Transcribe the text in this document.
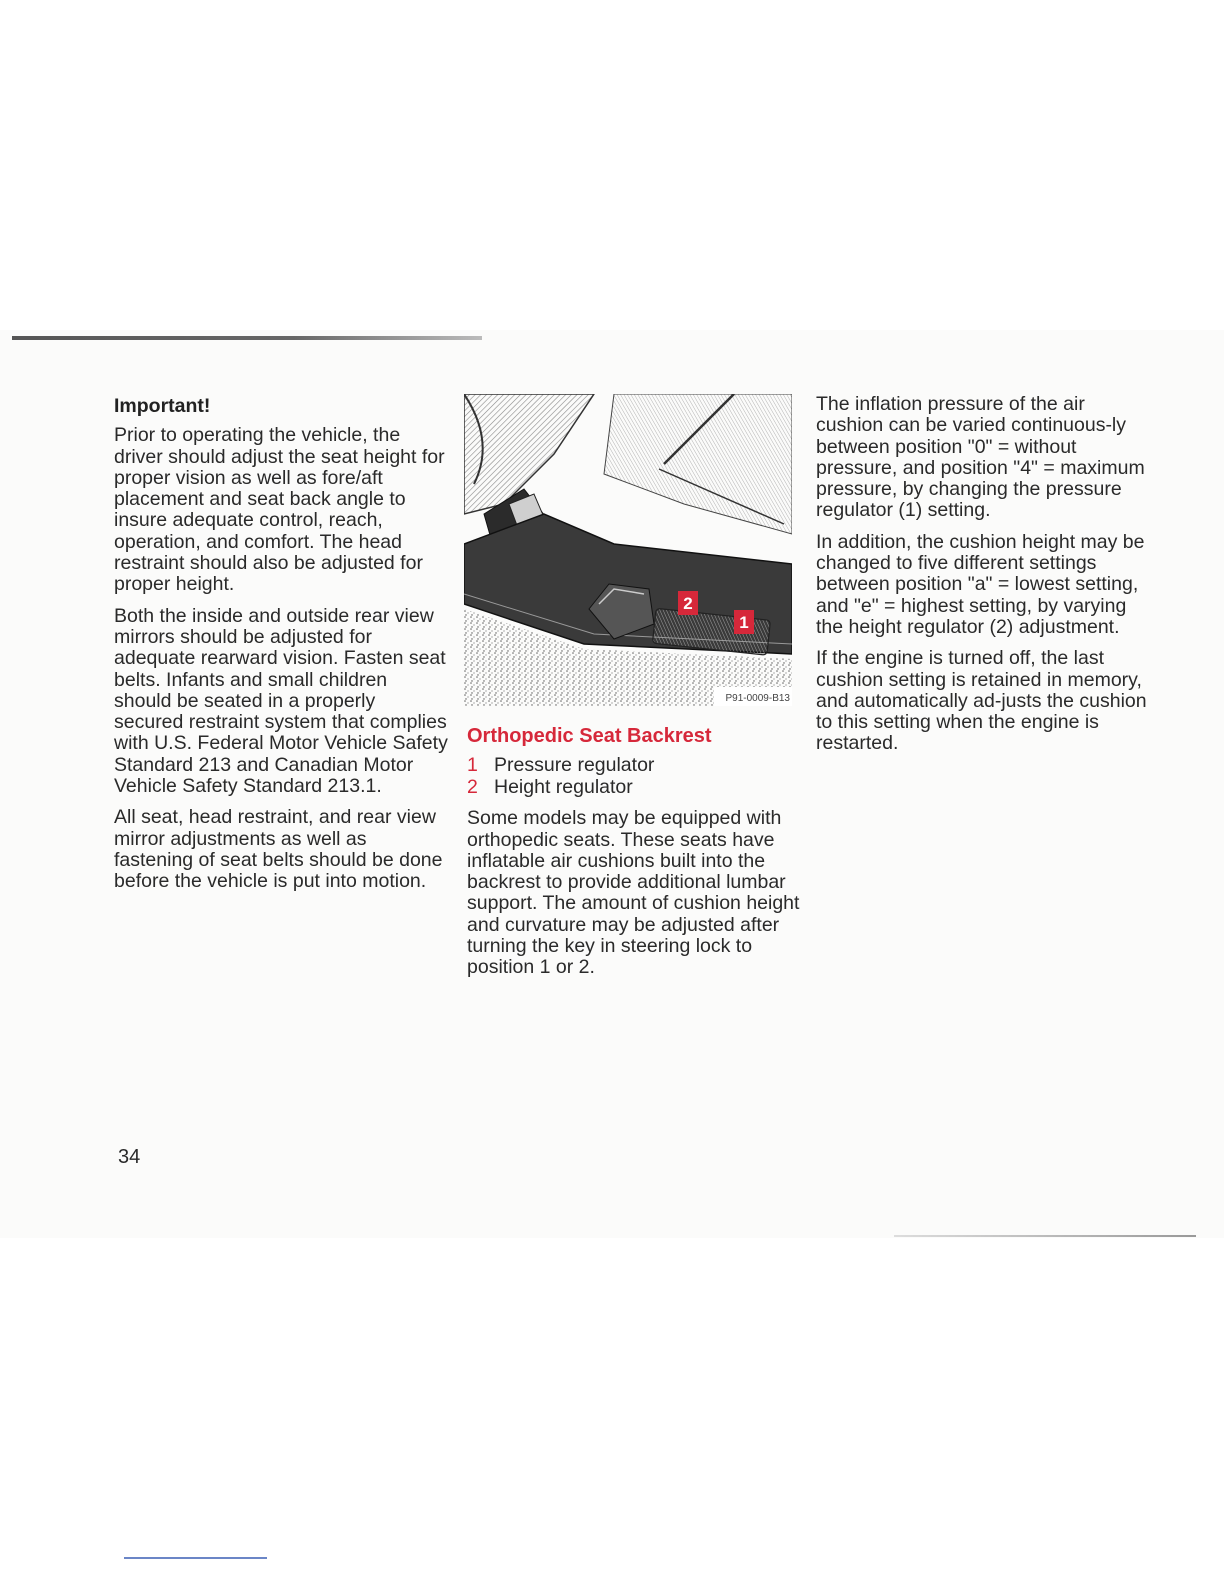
Important!

Prior to operating the vehicle, the driver should adjust the seat height for proper vision as well as fore/aft placement and seat back angle to insure adequate control, reach, operation, and comfort. The head restraint should also be adjusted for proper height.

Both the inside and outside rear view mirrors should be adjusted for adequate rearward vision. Fasten seat belts. Infants and small children should be seated in a properly secured restraint system that complies with U.S. Federal Motor Vehicle Safety Standard 213 and Canadian Motor Vehicle Safety Standard 213.1.

All seat, head restraint, and rear view mirror adjustments as well as fastening of seat belts should be done before the vehicle is put into motion.

2
1
P91-0009-B13
Orthopedic Seat Backrest
1 Pressure regulator
2 Height regulator

Some models may be equipped with orthopedic seats. These seats have inflatable air cushions built into the backrest to provide additional lumbar support. The amount of cushion height and curvature may be adjusted after turning the key in steering lock to position 1 or 2.

The inflation pressure of the air cushion can be varied continuous-ly between position "0" = without pressure, and position "4" = maximum pressure, by changing the pressure regulator (1) setting.

In addition, the cushion height may be changed to five different settings between position "a" = lowest setting, and "e" = highest setting, by varying the height regulator (2) adjustment.

If the engine is turned off, the last cushion setting is retained in memory, and automatically ad-justs the cushion to this setting when the engine is restarted.

34
